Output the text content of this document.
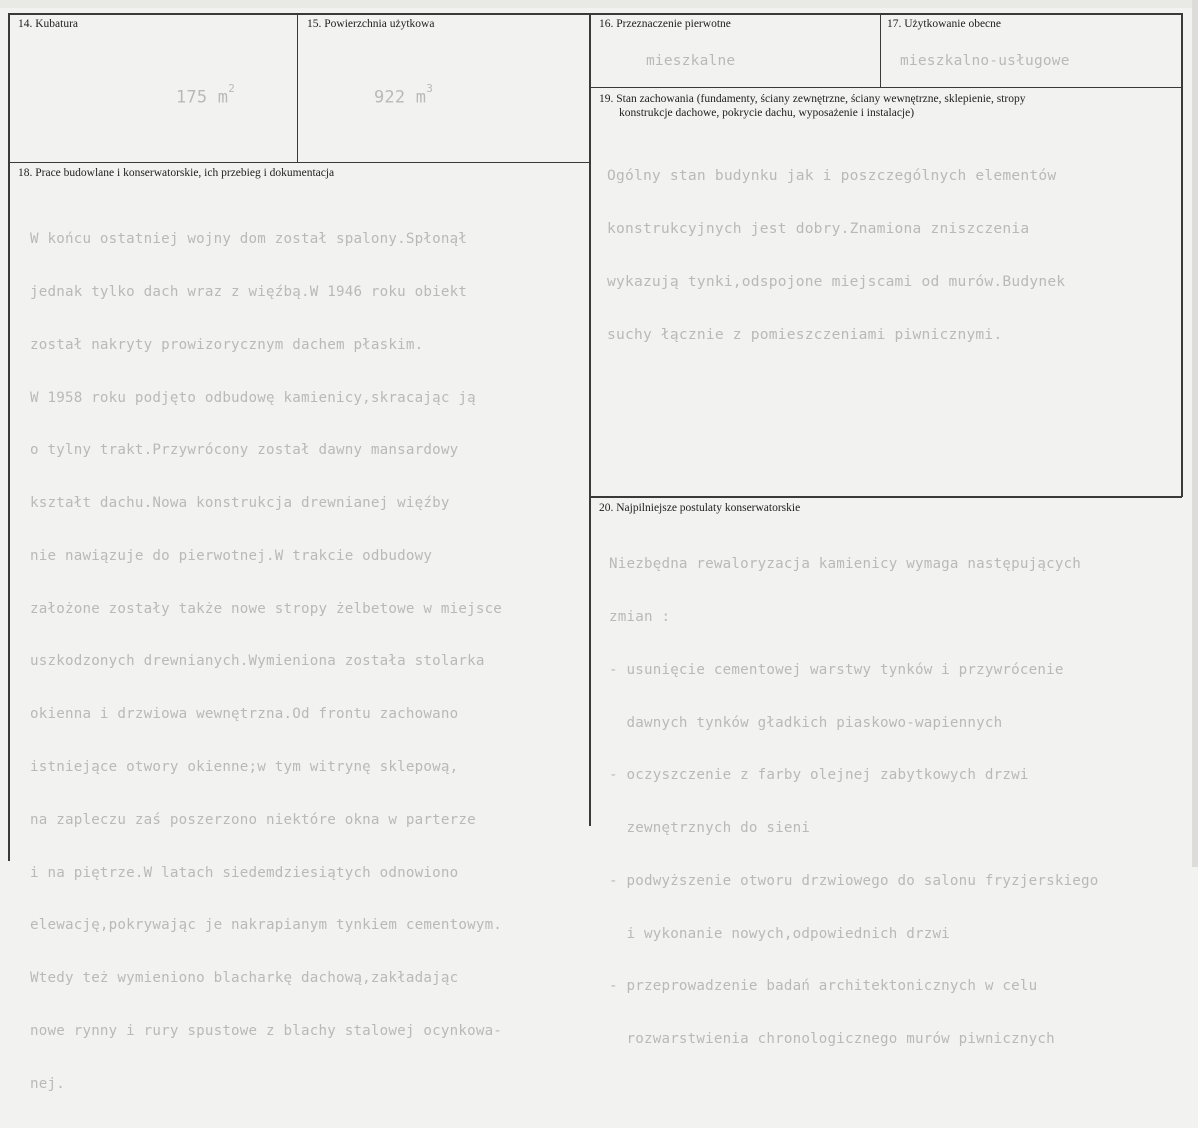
14. Kubatura
175 $m^2$
15. Powierzchnia użytkowa
922 $m^3$
16. Przeznaczenie pierwotne
mieszkalne
17. Użytkowanie obecne
mieszkalno-usługowe
19. Stan zachowania (fundamenty, ściany zewnętrzne, ściany wewnętrzne, sklepienie, stropy
konstrukcje dachowe, pokrycie dachu, wyposażenie i instalacje)

Ogólny stan budynku jak i poszczególnych elementów

konstrukcyjnych jest dobry.Znamiona zniszczenia

wykazują tynki,odspojone miejscami od murów.Budynek

suchy łącznie z pomieszczeniami piwnicznymi.

18. Prace budowlane i konserwatorskie, ich przebieg i dokumentacja

W końcu ostatniej wojny dom został spalony.Spłonął

jednak tylko dach wraz z więźbą.W 1946 roku obiekt

został nakryty prowizorycznym dachem płaskim.

W 1958 roku podjęto odbudowę kamienicy,skracając ją

o tylny trakt.Przywrócony został dawny mansardowy

kształt dachu.Nowa konstrukcja drewnianej więźby

nie nawiązuje do pierwotnej.W trakcie odbudowy

założone zostały także nowe stropy żelbetowe w miejsce

uszkodzonych drewnianych.Wymieniona została stolarka

okienna i drzwiowa wewnętrzna.Od frontu zachowano

istniejące otwory okienne;w tym witrynę sklepową,

na zapleczu zaś poszerzono niektóre okna w parterze

i na piętrze.W latach siedemdziesiątych odnowiono

elewację,pokrywając je nakrapianym tynkiem cementowym.

Wtedy też wymieniono blacharkę dachową,zakładając

nowe rynny i rury spustowe z blachy stalowej ocynkowa-

nej.

20. Najpilniejsze postulaty konserwatorskie

Niezbędna rewaloryzacja kamienicy wymaga następujących

zmian :

- usunięcie cementowej warstwy tynków i przywrócenie

dawnych tynków gładkich piaskowo-wapiennych

- oczyszczenie z farby olejnej zabytkowych drzwi

zewnętrznych do sieni

- podwyższenie otworu drzwiowego do salonu fryzjerskiego

i wykonanie nowych,odpowiednich drzwi

- przeprowadzenie badań architektonicznych w celu

rozwarstwienia chronologicznego murów piwnicznych
